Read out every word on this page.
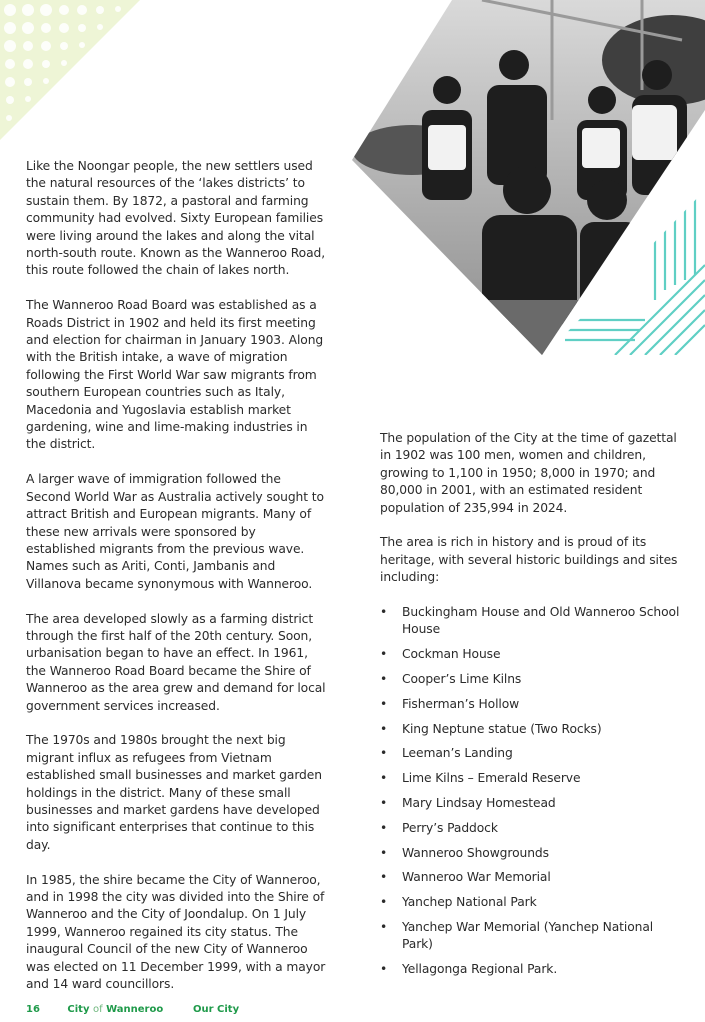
Like the Noongar people, the new settlers used the natural resources of the ‘lakes districts’ to sustain them. By 1872, a pastoral and farming community had evolved. Sixty European families were living around the lakes and along the vital north-south route. Known as the Wanneroo Road, this route followed the chain of lakes north.

The Wanneroo Road Board was established as a Roads District in 1902 and held its first meeting and election for chairman in January 1903. Along with the British intake, a wave of migration following the First World War saw migrants from southern European countries such as Italy, Macedonia and Yugoslavia establish market gardening, wine and lime-making industries in the district.

A larger wave of immigration followed the Second World War as Australia actively sought to attract British and European migrants. Many of these new arrivals were sponsored by established migrants from the previous wave. Names such as Ariti, Conti, Jambanis and Villanova became synonymous with Wanneroo.

The area developed slowly as a farming district through the first half of the 20th century. Soon, urbanisation began to have an effect. In 1961, the Wanneroo Road Board became the Shire of Wanneroo as the area grew and demand for local government services increased.

The 1970s and 1980s brought the next big migrant influx as refugees from Vietnam established small businesses and market garden holdings in the district. Many of these small businesses and market gardens have developed into significant enterprises that continue to this day.

In 1985, the shire became the City of Wanneroo, and in 1998 the city was divided into the Shire of Wanneroo and the City of Joondalup. On 1 July 1999, Wanneroo regained its city status. The inaugural Council of the new City of Wanneroo was elected on 11 December 1999, with a mayor and 14 ward councillors.

The population of the City at the time of gazettal in 1902 was 100 men, women and children, growing to 1,100 in 1950; 8,000 in 1970; and 80,000 in 2001, with an estimated resident population of 235,994 in 2024.

The area is rich in history and is proud of its heritage, with several historic buildings and sites including:

• Buckingham House and Old Wanneroo School House
• Cockman House
• Cooper’s Lime Kilns
• Fisherman’s Hollow
• King Neptune statue (Two Rocks)
• Leeman’s Landing
• Lime Kilns – Emerald Reserve
• Mary Lindsay Homestead
• Perry’s Paddock
• Wanneroo Showgrounds
• Wanneroo War Memorial
• Yanchep National Park
• Yanchep War Memorial (Yanchep National Park)
• Yellagonga Regional Park.
16	City of Wanneroo	Our City
